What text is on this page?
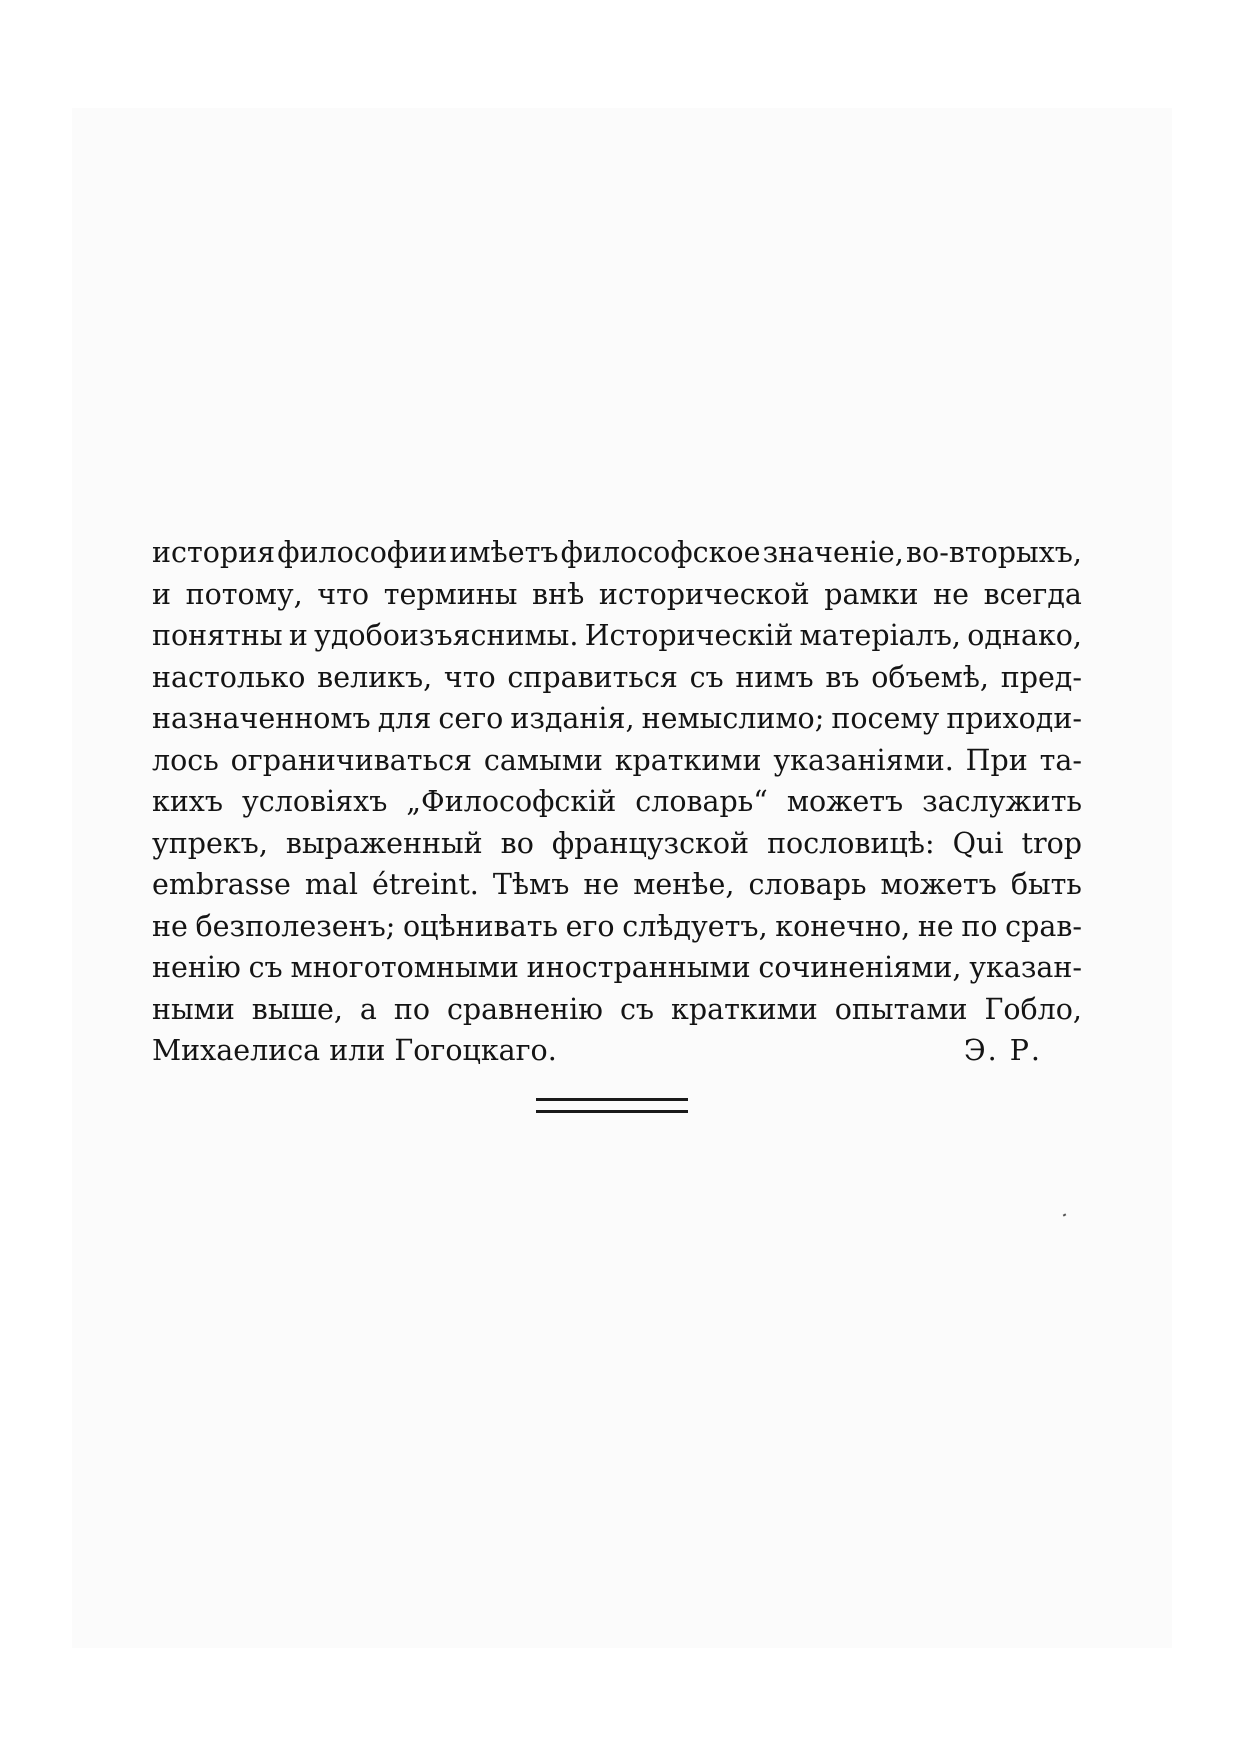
история философии имѣетъ философское значенiе, во-вторыхъ,
и потому, что термины внѣ исторической рамки не всегда
понятны и удобоизъяснимы. Историческiй матерiалъ, однако,
настолько великъ, что справиться съ нимъ въ объемѣ, пред-
назначенномъ для сего изданiя, немыслимо; посему приходи-
лось ограничиваться самыми краткими указанiями. При та-
кихъ условiяхъ „Философскiй словарь“ можетъ заслужить
упрекъ, выраженный во французской пословицѣ: Qui trop
embrasse mal étreint. Тѣмъ не менѣе, словарь можетъ быть
не безполезенъ; оцѣнивать его слѣдуетъ, конечно, не по срав-
ненiю съ многотомными иностранными сочиненiями, указан-
ными выше, а по сравненiю съ краткими опытами Гобло,
Михаелиса или Гогоцкаго.	Э. Р.
